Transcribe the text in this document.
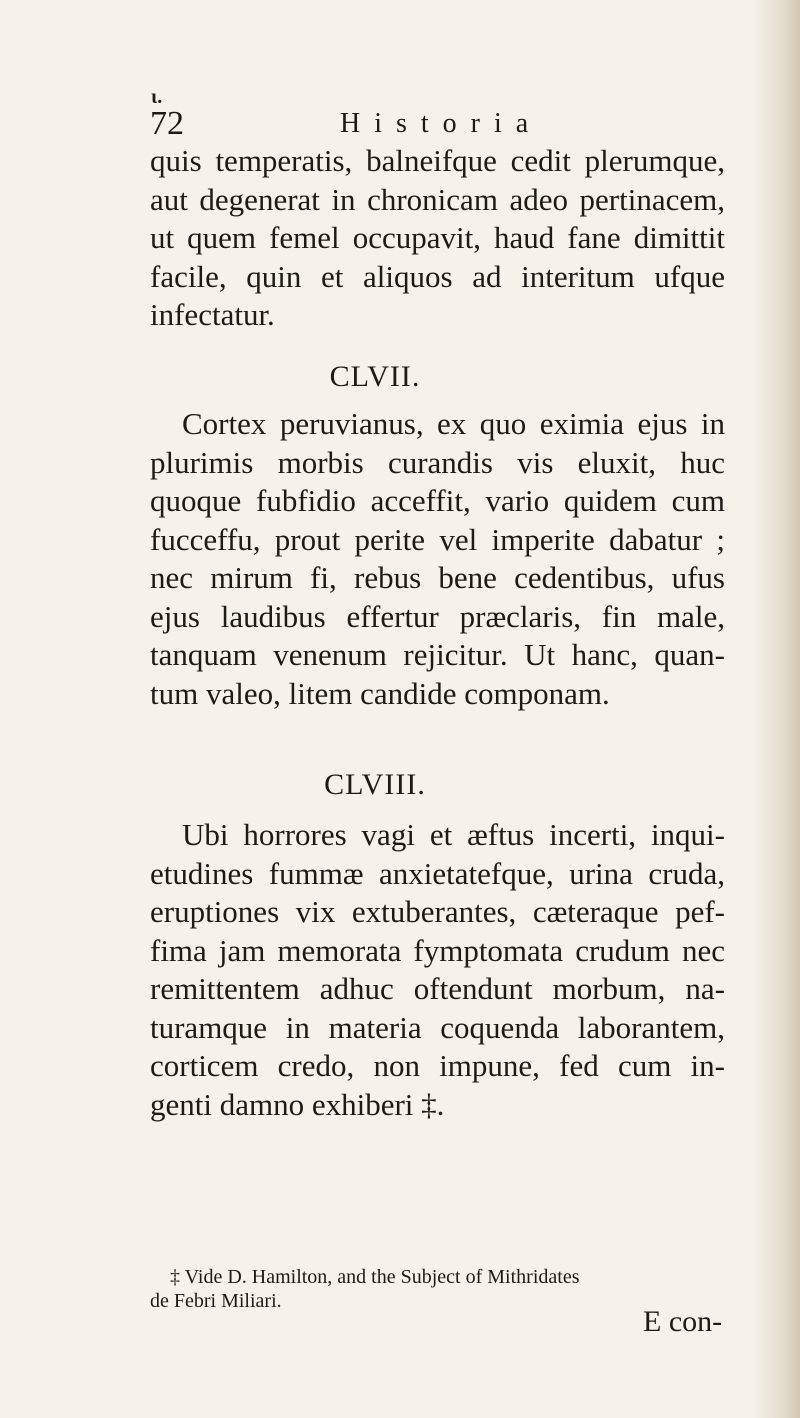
ι.
72	Historia
quis temperatis, balneifque cedit plerumque,
aut degenerat in chronicam adeo pertinacem,
ut quem femel occupavit, haud fane dimittit
facile, quin et aliquos ad interitum ufque
infectatur.
CLVII.
Cortex peruvianus, ex quo eximia ejus in
plurimis morbis curandis vis eluxit, huc
quoque fubfidio acceffit, vario quidem cum
fucceffu, prout perite vel imperite dabatur ;
nec mirum fi, rebus bene cedentibus, ufus
ejus laudibus effertur præclaris, fin male,
tanquam venenum rejicitur. Ut hanc, quan-
tum valeo, litem candide componam.
CLVIII.
Ubi horrores vagi et æftus incerti, inqui-
etudines fummæ anxietatefque, urina cruda,
eruptiones vix extuberantes, cæteraque pef-
fima jam memorata fymptomata crudum nec
remittentem adhuc oftendunt morbum, na-
turamque in materia coquenda laborantem,
corticem credo, non impune, fed cum in-
genti damno exhiberi ‡.
‡ Vide D. Hamilton, and the Subject of Mithridates
de Febri Miliari.
E con-
